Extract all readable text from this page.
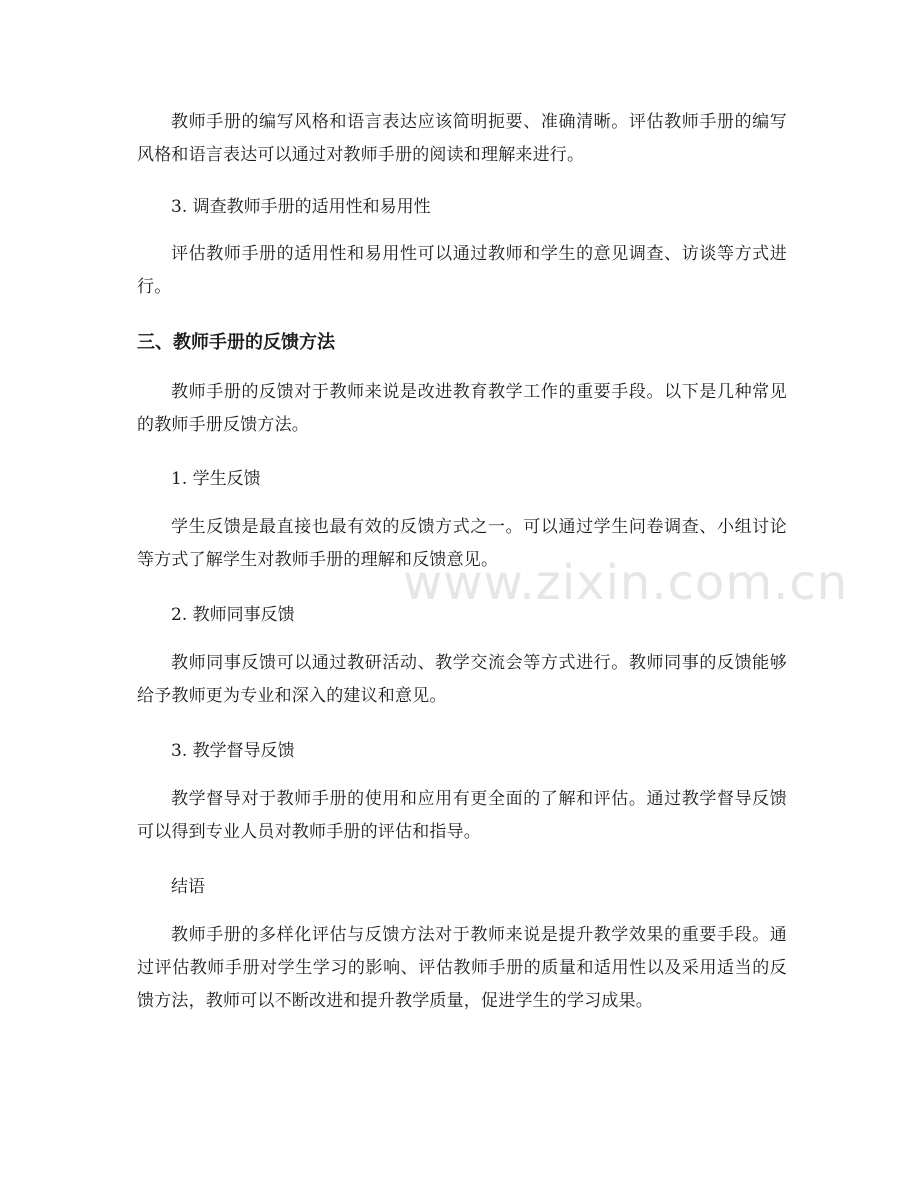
教师手册的编写风格和语言表达应该简明扼要、准确清晰。评估教师手册的编写风格和语言表达可以通过对教师手册的阅读和理解来进行。

3. 调查教师手册的适用性和易用性

评估教师手册的适用性和易用性可以通过教师和学生的意见调查、访谈等方式进行。

三、教师手册的反馈方法

教师手册的反馈对于教师来说是改进教育教学工作的重要手段。以下是几种常见的教师手册反馈方法。

1. 学生反馈

学生反馈是最直接也最有效的反馈方式之一。可以通过学生问卷调查、小组讨论等方式了解学生对教师手册的理解和反馈意见。

2. 教师同事反馈

教师同事反馈可以通过教研活动、教学交流会等方式进行。教师同事的反馈能够给予教师更为专业和深入的建议和意见。

3. 教学督导反馈

教学督导对于教师手册的使用和应用有更全面的了解和评估。通过教学督导反馈可以得到专业人员对教师手册的评估和指导。

结语

教师手册的多样化评估与反馈方法对于教师来说是提升教学效果的重要手段。通过评估教师手册对学生学习的影响、评估教师手册的质量和适用性以及采用适当的反馈方法，教师可以不断改进和提升教学质量，促进学生的学习成果。

www.zixin.com.cn
